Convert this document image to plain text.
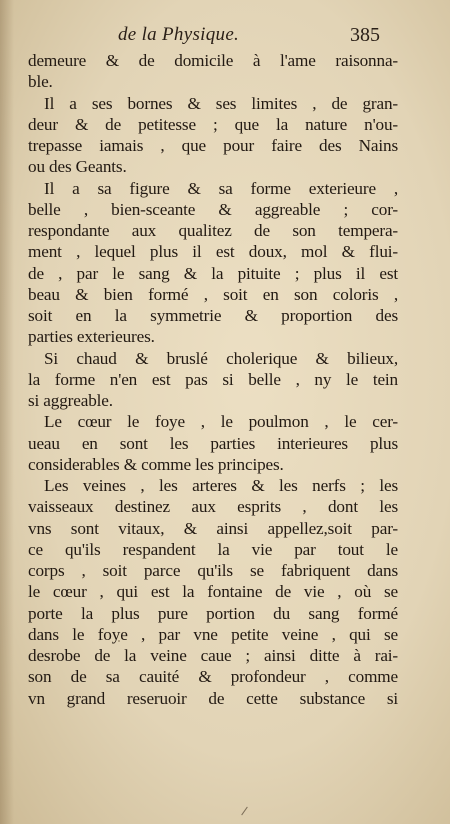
de la Physique.	385
demeure & de domicile à l'ame raisonna-
ble.
Il a ses bornes & ses limites , de gran-
deur & de petitesse ; que la nature n'ou-
trepasse iamais , que pour faire des Nains
ou des Geants.
Il a sa figure & sa forme exterieure ,
belle , bien-sceante & aggreable ; cor-
respondante aux qualitez de son tempera-
ment , lequel plus il est doux, mol & flui-
de , par le sang & la pituite ; plus il est
beau & bien formé , soit en son coloris ,
soit en la symmetrie & proportion des
parties exterieures.
Si chaud & bruslé cholerique & bilieux,
la forme n'en est pas si belle , ny le tein
si aggreable.
Le cœur le foye , le poulmon , le cer-
ueau en sont les parties interieures plus
considerables & comme les principes.
Les veines , les arteres & les nerfs ; les
vaisseaux destinez aux esprits , dont les
vns sont vitaux, & ainsi appellez,soit par-
ce qu'ils respandent la vie par tout le
corps , soit parce qu'ils se fabriquent dans
le cœur , qui est la fontaine de vie , où se
porte la plus pure portion du sang formé
dans le foye , par vne petite veine , qui se
desrobe de la veine caue ; ainsi ditte à rai-
son de sa cauité & profondeur , comme
vn grand reseruoir de cette substance si
